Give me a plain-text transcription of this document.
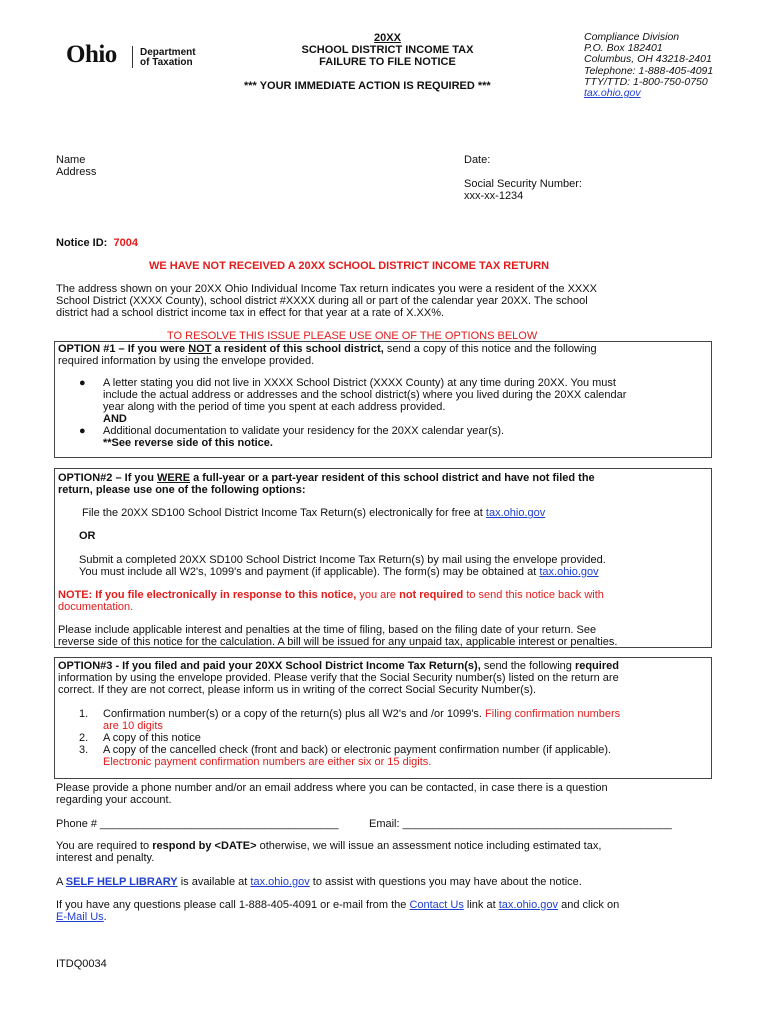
Ohio Department
of Taxation
20XX
SCHOOL DISTRICT INCOME TAX
FAILURE TO FILE NOTICE
*** YOUR IMMEDIATE ACTION IS REQUIRED ***
Compliance Division
P.O. Box 182401
Columbus, OH 43218-2401
Telephone: 1-888-405-4091
TTY/TTD: 1-800-750-0750
tax.ohio.gov
Name
Address
Date:
Social Security Number:
xxx-xx-1234
Notice ID: 7004
WE HAVE NOT RECEIVED A 20XX SCHOOL DISTRICT INCOME TAX RETURN
The address shown on your 20XX Ohio Individual Income Tax return indicates you were a resident of the XXXX
School District (XXXX County), school district #XXXX during all or part of the calendar year 20XX. The school
district had a school district income tax in effect for that year at a rate of X.XX%.
TO RESOLVE THIS ISSUE PLEASE USE ONE OF THE OPTIONS BELOW
OPTION #1 – If you were NOT a resident of this school district, send a copy of this notice and the following
required information by using the envelope provided.
● A letter stating you did not live in XXXX School District (XXXX County) at any time during 20XX. You must
include the actual address or addresses and the school district(s) where you lived during the 20XX calendar
year along with the period of time you spent at each address provided.
AND
● Additional documentation to validate your residency for the 20XX calendar year(s).
**See reverse side of this notice.
OPTION#2 – If you WERE a full-year or a part-year resident of this school district and have not filed the
return, please use one of the following options:
File the 20XX SD100 School District Income Tax Return(s) electronically for free at tax.ohio.gov
OR
Submit a completed 20XX SD100 School District Income Tax Return(s) by mail using the envelope provided.
You must include all W2's, 1099's and payment (if applicable). The form(s) may be obtained at tax.ohio.gov
NOTE: If you file electronically in response to this notice, you are not required to send this notice back with
documentation.
Please include applicable interest and penalties at the time of filing, based on the filing date of your return. See
reverse side of this notice for the calculation. A bill will be issued for any unpaid tax, applicable interest or penalties.
OPTION#3 - If you filed and paid your 20XX School District Income Tax Return(s), send the following required
information by using the envelope provided. Please verify that the Social Security number(s) listed on the return are
correct. If they are not correct, please inform us in writing of the correct Social Security Number(s).
1. Confirmation number(s) or a copy of the return(s) plus all W2's and /or 1099's. Filing confirmation numbers
are 10 digits
2. A copy of this notice
3. A copy of the cancelled check (front and back) or electronic payment confirmation number (if applicable).
Electronic payment confirmation numbers are either six or 15 digits.
Please provide a phone number and/or an email address where you can be contacted, in case there is a question
regarding your account.
Phone # _______________________________________	Email: ____________________________________________
You are required to respond by <DATE> otherwise, we will issue an assessment notice including estimated tax,
interest and penalty.
A SELF HELP LIBRARY is available at tax.ohio.gov to assist with questions you may have about the notice.
If you have any questions please call 1-888-405-4091 or e-mail from the Contact Us link at tax.ohio.gov and click on
E-Mail Us.
ITDQ0034
